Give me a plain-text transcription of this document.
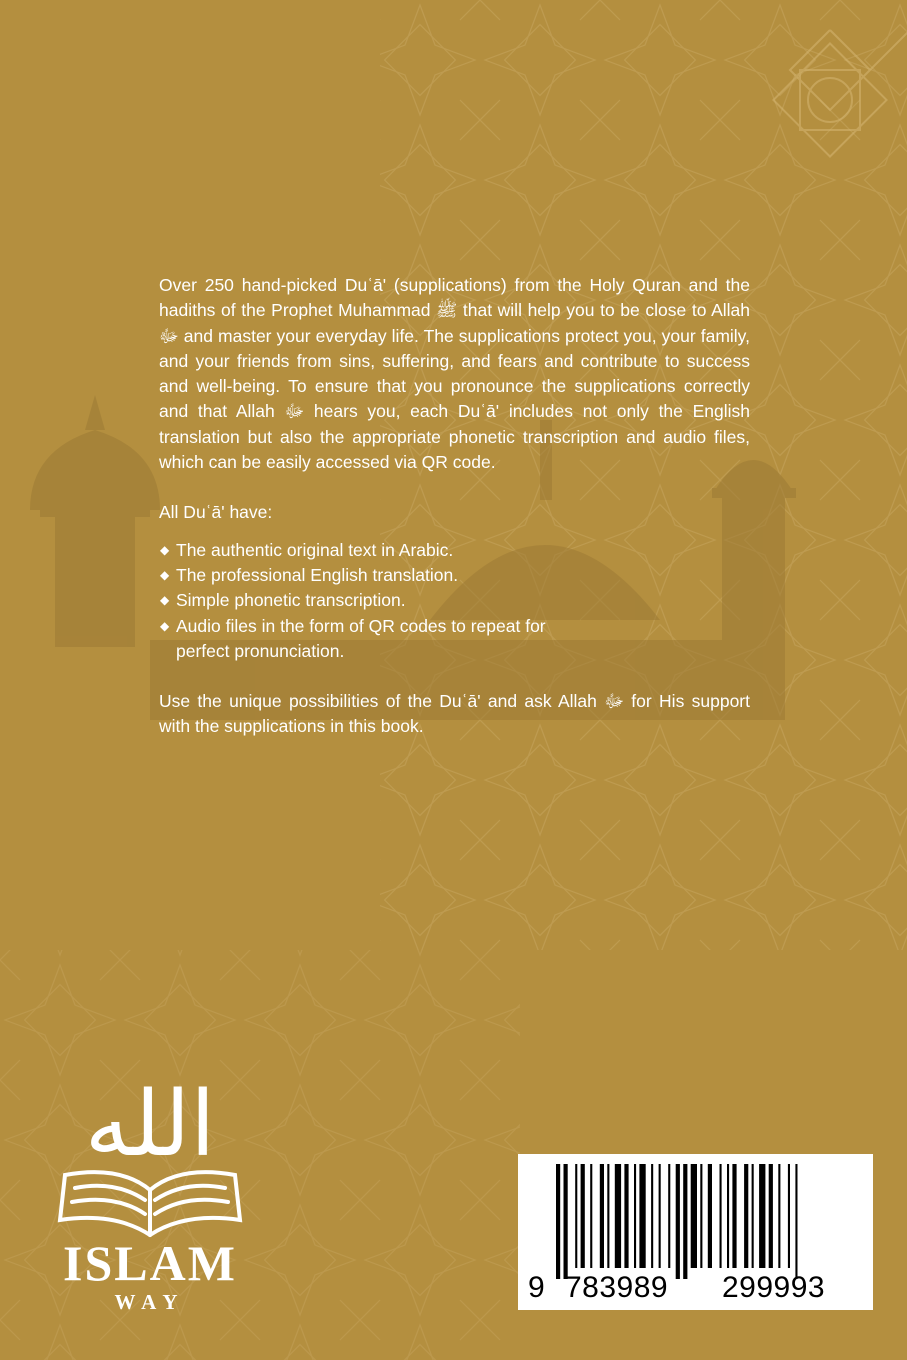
Over 250 hand-picked Duʿā' (supplications) from the Holy Quran and the hadiths of the Prophet Muhammad ﷺ that will help you to be close to Allah ﷻ and master your everyday life. The supplications protect you, your family, and your friends from sins, suffering, and fears and contribute to success and well-being. To ensure that you pronounce the supplications correctly and that Allah ﷻ hears you, each Duʿā' includes not only the English translation but also the appropriate phonetic transcription and audio files, which can be easily accessed via QR code.

All Duʿā' have:

◆ The authentic original text in Arabic.
◆ The professional English translation.
◆ Simple phonetic transcription.
◆ Audio files in the form of QR codes to repeat for perfect pronunciation.

Use the unique possibilities of the Duʿā' and ask Allah ﷻ for His support with the supplications in this book.

الله
ISLAM
WAY	9 783989 299993
